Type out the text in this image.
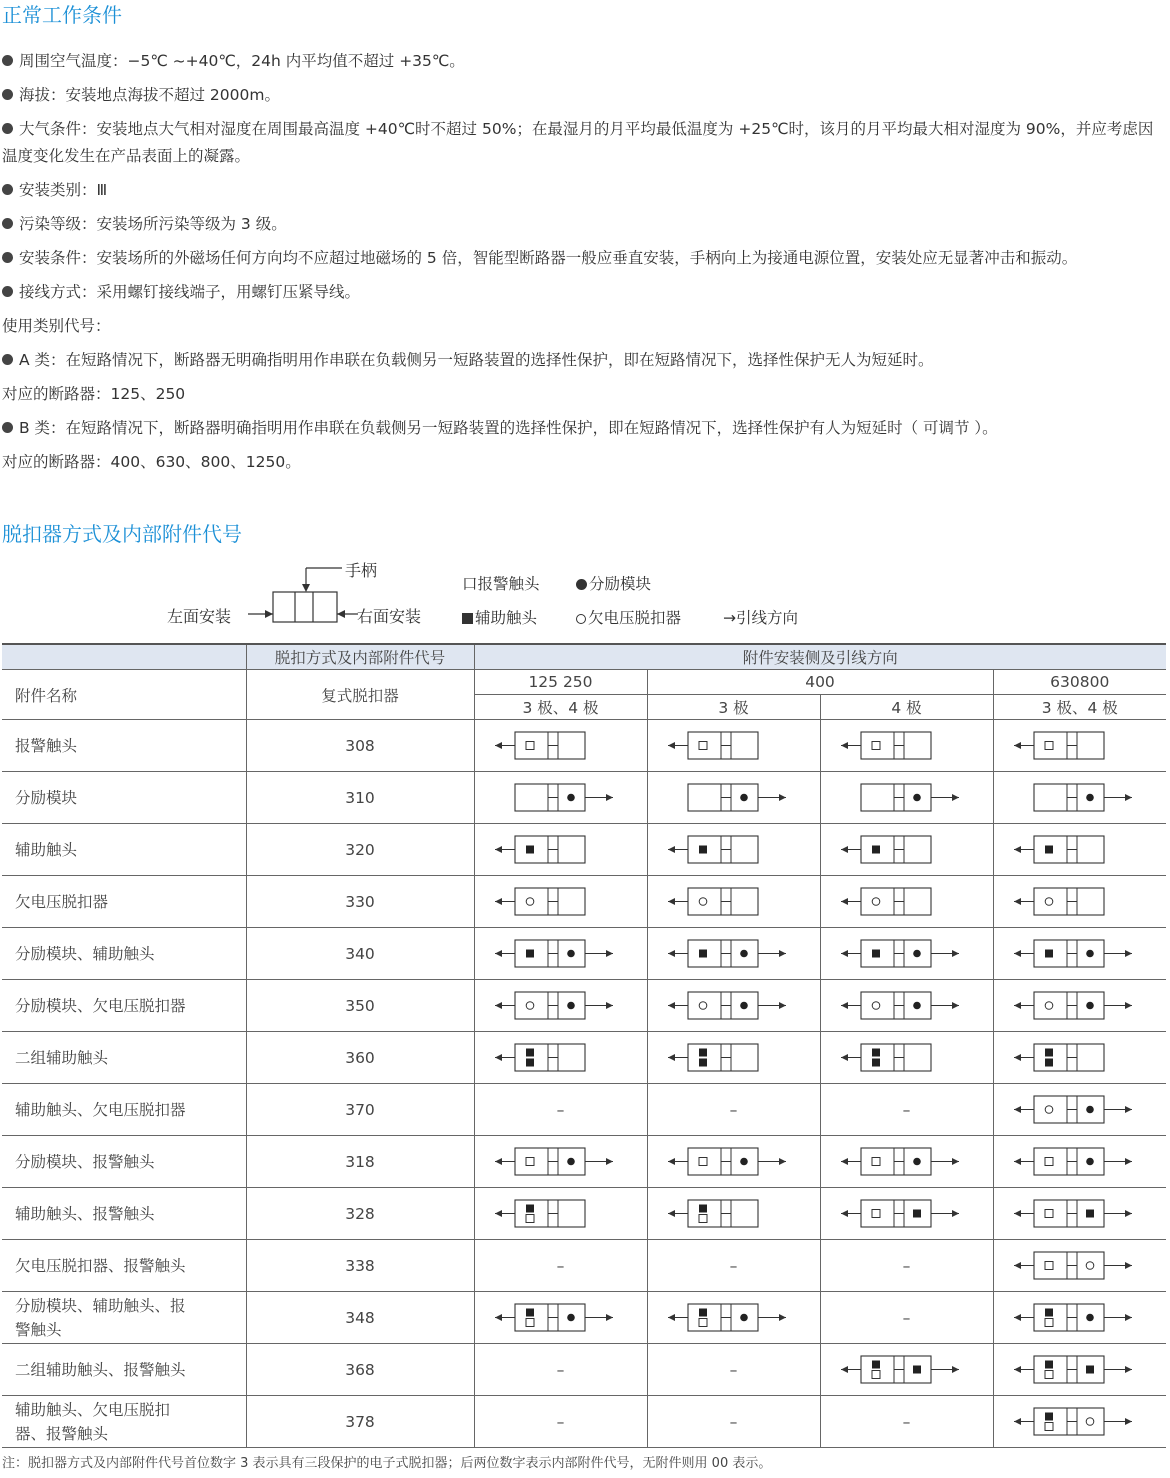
正常工作条件
周围空气温度：−5℃ ~+40℃，24h 内平均值不超过 +35℃。
海拔：安装地点海拔不超过 2000m。
大气条件：安装地点大气相对湿度在周围最高温度 +40℃时不超过 50%；在最湿月的月平均最低温度为 +25℃时，该月的月平均最大相对湿度为 90%，并应考虑因温度变化发生在产品表面上的凝露。
安装类别：Ⅲ
污染等级：安装场所污染等级为 3 级。
安装条件：安装场所的外磁场任何方向均不应超过地磁场的 5 倍，智能型断路器一般应垂直安装，手柄向上为接通电源位置，安装处应无显著冲击和振动。
接线方式：采用螺钉接线端子，用螺钉压紧导线。
使用类别代号：
A 类：在短路情况下，断路器无明确指明用作串联在负载侧另一短路装置的选择性保护，即在短路情况下，选择性保护无人为短延时。
对应的断路器：125、250
B 类：在短路情况下，断路器明确指明用作串联在负载侧另一短路装置的选择性保护，即在短路情况下，选择性保护有人为短延时（ 可调节 ）。
对应的断路器：400、630、800、1250。
脱扣器方式及内部附件代号
手柄
左面安装	右面安装
口报警触头	分励模块
辅助触头	欠电压脱扣器	→引线方向
	脱扣方式及内部附件代号	附件安装侧及引线方向			
附件名称	复式脱扣器	125 250	400		630800
		3 极、4 极	3 极	4 极	3 极、4 极
报警触头	308	

分励模块	310	

辅助触头	320	

欠电压脱扣器	330	

分励模块、辅助触头	340	

分励模块、欠电压脱扣器	350	

二组辅助触头	360	

辅助触头、欠电压脱扣器	370	–	–	–	

分励模块、报警触头	318	

辅助触头、报警触头	328	

欠电压脱扣器、报警触头	338	–	–	–	

分励模块、辅助触头、报警触头	348			–	

二组辅助触头、报警触头	368	–	–	

辅助触头、欠电压脱扣器、报警触头	378	–	–	–	
注：脱扣器方式及内部附件代号首位数字 3 表示具有三段保护的电子式脱扣器；后两位数字表示内部附件代号，无附件则用 00 表示。
